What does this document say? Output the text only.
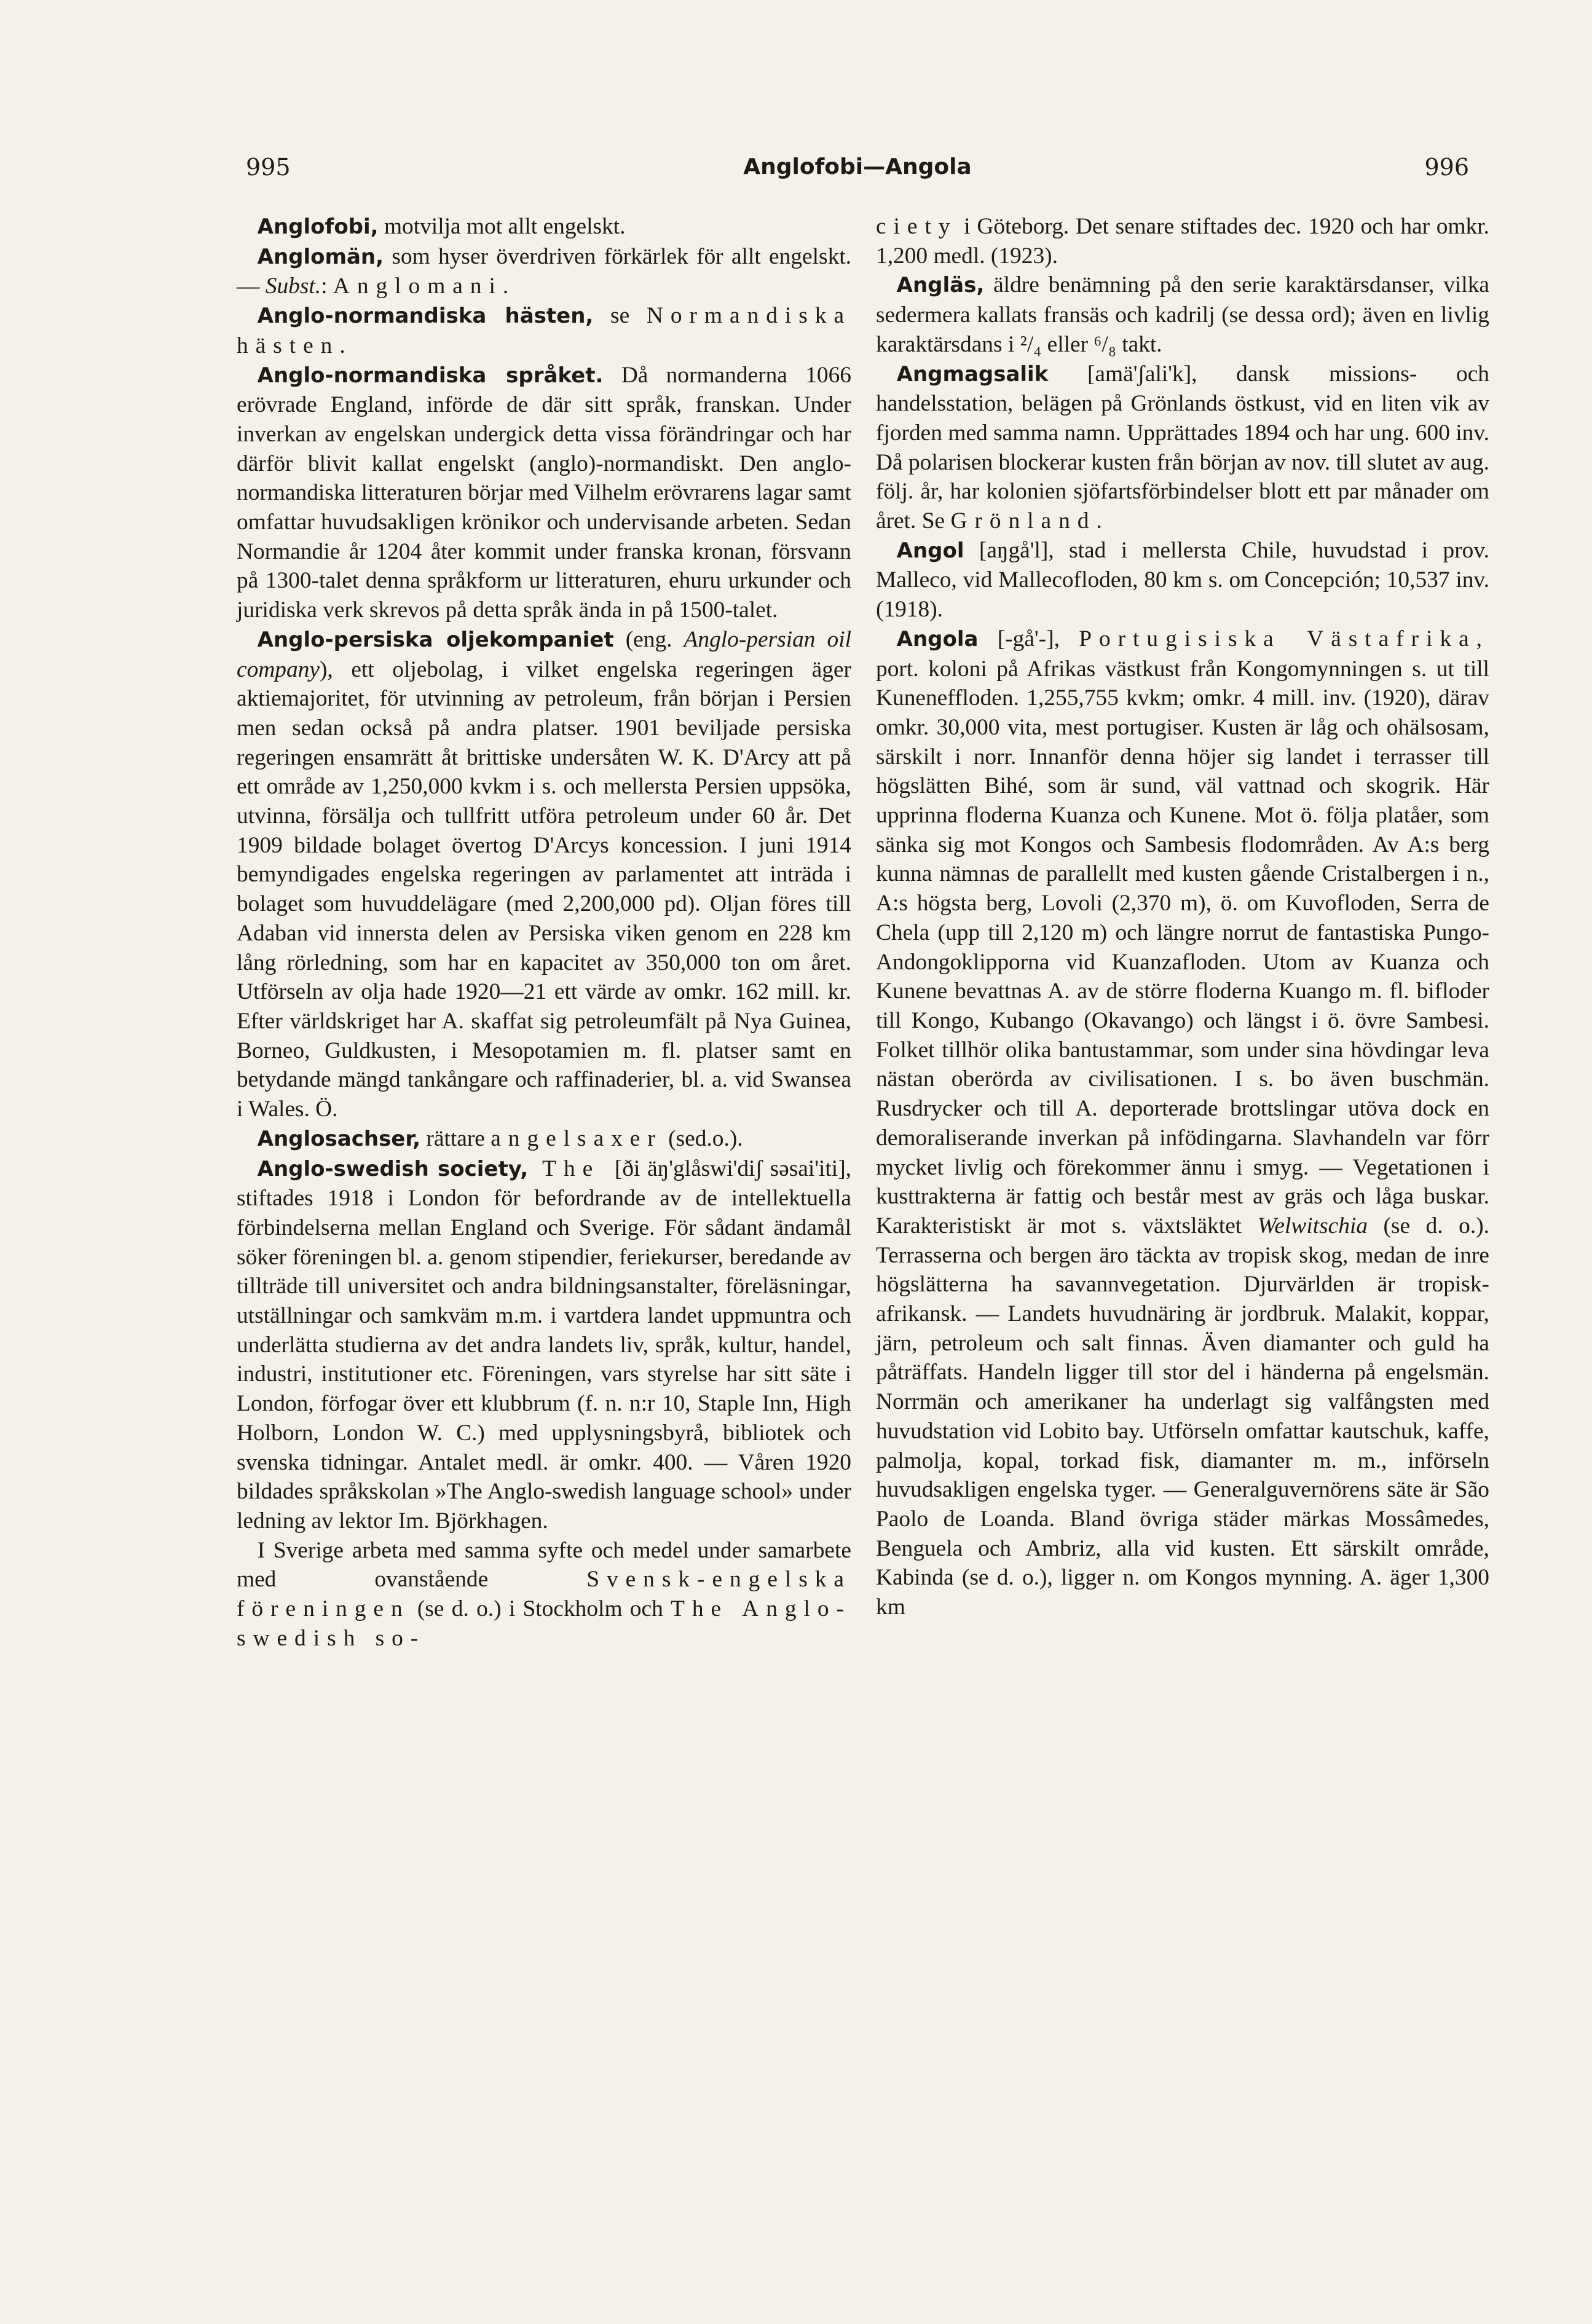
995	Anglofobi—Angola	996

Anglofobi, motvilja mot allt engelskt.

Anglomän, som hyser överdriven förkärlek för allt engelskt. — Subst.: Anglomani.

Anglo-normandiska hästen, se Normandiska hästen.

Anglo-normandiska språket. Då normanderna 1066 erövrade England, införde de där sitt språk, franskan. Under inverkan av engelskan undergick detta vissa förändringar och har därför blivit kallat engelskt (anglo)-normandiskt. Den anglo-normandiska litteraturen börjar med Vilhelm erövrarens lagar samt omfattar huvudsakligen krönikor och undervisande arbeten. Sedan Normandie år 1204 åter kommit under franska kronan, försvann på 1300-talet denna språkform ur litteraturen, ehuru urkunder och juridiska verk skrevos på detta språk ända in på 1500-talet.

Anglo-persiska oljekompaniet (eng. Anglo-persian oil company), ett oljebolag, i vilket engelska regeringen äger aktiemajoritet, för utvinning av petroleum, från början i Persien men sedan också på andra platser. 1901 beviljade persiska regeringen ensamrätt åt brittiske undersåten W. K. D'Arcy att på ett område av 1,250,000 kvkm i s. och mellersta Persien uppsöka, utvinna, försälja och tullfritt utföra petroleum under 60 år. Det 1909 bildade bolaget övertog D'Arcys koncession. I juni 1914 bemyndigades engelska regeringen av parlamentet att inträda i bolaget som huvuddelägare (med 2,200,000 pd). Oljan föres till Adaban vid innersta delen av Persiska viken genom en 228 km lång rörledning, som har en kapacitet av 350,000 ton om året. Utförseln av olja hade 1920—21 ett värde av omkr. 162 mill. kr. Efter världskriget har A. skaffat sig petroleumfält på Nya Guinea, Borneo, Guldkusten, i Mesopotamien m. fl. platser samt en betydande mängd tankångare och raffinaderier, bl. a. vid Swansea i Wales. Ö.

Anglosachser, rättare angelsaxer (sed.o.).

Anglo-swedish society, The [ði äŋ'glåswi'diʃ səsai'iti], stiftades 1918 i London för befordrande av de intellektuella förbindelserna mellan England och Sverige. För sådant ändamål söker föreningen bl. a. genom stipendier, feriekurser, beredande av tillträde till universitet och andra bildningsanstalter, föreläsningar, utställningar och samkväm m.m. i vartdera landet uppmuntra och underlätta studierna av det andra landets liv, språk, kultur, handel, industri, institutioner etc. Föreningen, vars styrelse har sitt säte i London, förfogar över ett klubbrum (f. n. n:r 10, Staple Inn, High Holborn, London W. C.) med upplysningsbyrå, bibliotek och svenska tidningar. Antalet medl. är omkr. 400. — Våren 1920 bildades språkskolan »The Anglo-swedish language school» under ledning av lektor Im. Björkhagen.

I Sverige arbeta med samma syfte och medel under samarbete med ovanstående Svensk-engelska föreningen (se d. o.) i Stockholm och The Anglo-swedish so-

ciety i Göteborg. Det senare stiftades dec. 1920 och har omkr. 1,200 medl. (1923).

Angläs, äldre benämning på den serie karaktärsdanser, vilka sedermera kallats fransäs och kadrilj (se dessa ord); även en livlig karaktärsdans i ²/₄ eller ⁶/₈ takt.

Angmagsalik [amä'ʃali'k], dansk missions- och handelsstation, belägen på Grönlands östkust, vid en liten vik av fjorden med samma namn. Upprättades 1894 och har ung. 600 inv. Då polarisen blockerar kusten från början av nov. till slutet av aug. följ. år, har kolonien sjöfartsförbindelser blott ett par månader om året. Se Grönland.

Angol [aŋgå'l], stad i mellersta Chile, huvudstad i prov. Malleco, vid Mallecofloden, 80 km s. om Concepción; 10,537 inv. (1918).

Angola [-gå'-], Portugisiska Västafrika, port. koloni på Afrikas västkust från Kongomynningen s. ut till Kuneneffloden. 1,255,755 kvkm; omkr. 4 mill. inv. (1920), därav omkr. 30,000 vita, mest portugiser. Kusten är låg och ohälsosam, särskilt i norr. Innanför denna höjer sig landet i terrasser till högslätten Bihé, som är sund, väl vattnad och skogrik. Här upprinna floderna Kuanza och Kunene. Mot ö. följa platåer, som sänka sig mot Kongos och Sambesis flodområden. Av A:s berg kunna nämnas de parallellt med kusten gående Cristalbergen i n., A:s högsta berg, Lovoli (2,370 m), ö. om Kuvofloden, Serra de Chela (upp till 2,120 m) och längre norrut de fantastiska Pungo-Andongoklipporna vid Kuanzafloden. Utom av Kuanza och Kunene bevattnas A. av de större floderna Kuango m. fl. bifloder till Kongo, Kubango (Okavango) och längst i ö. övre Sambesi. Folket tillhör olika bantustammar, som under sina hövdingar leva nästan oberörda av civilisationen. I s. bo även buschmän. Rusdrycker och till A. deporterade brottslingar utöva dock en demoraliserande inverkan på infödingarna. Slavhandeln var förr mycket livlig och förekommer ännu i smyg. — Vegetationen i kusttrakterna är fattig och består mest av gräs och låga buskar. Karakteristiskt är mot s. växtsläktet Welwitschia (se d. o.). Terrasserna och bergen äro täckta av tropisk skog, medan de inre högslätterna ha savannvegetation. Djurvärlden är tropisk-afrikansk. — Landets huvudnäring är jordbruk. Malakit, koppar, järn, petroleum och salt finnas. Även diamanter och guld ha påträffats. Handeln ligger till stor del i händerna på engelsmän. Norrmän och amerikaner ha underlagt sig valfångsten med huvudstation vid Lobito bay. Utförseln omfattar kautschuk, kaffe, palmolja, kopal, torkad fisk, diamanter m. m., införseln huvudsakligen engelska tyger. — Generalguvernörens säte är São Paolo de Loanda. Bland övriga städer märkas Mossâmedes, Benguela och Ambriz, alla vid kusten. Ett särskilt område, Kabinda (se d. o.), ligger n. om Kongos mynning. A. äger 1,300 km
